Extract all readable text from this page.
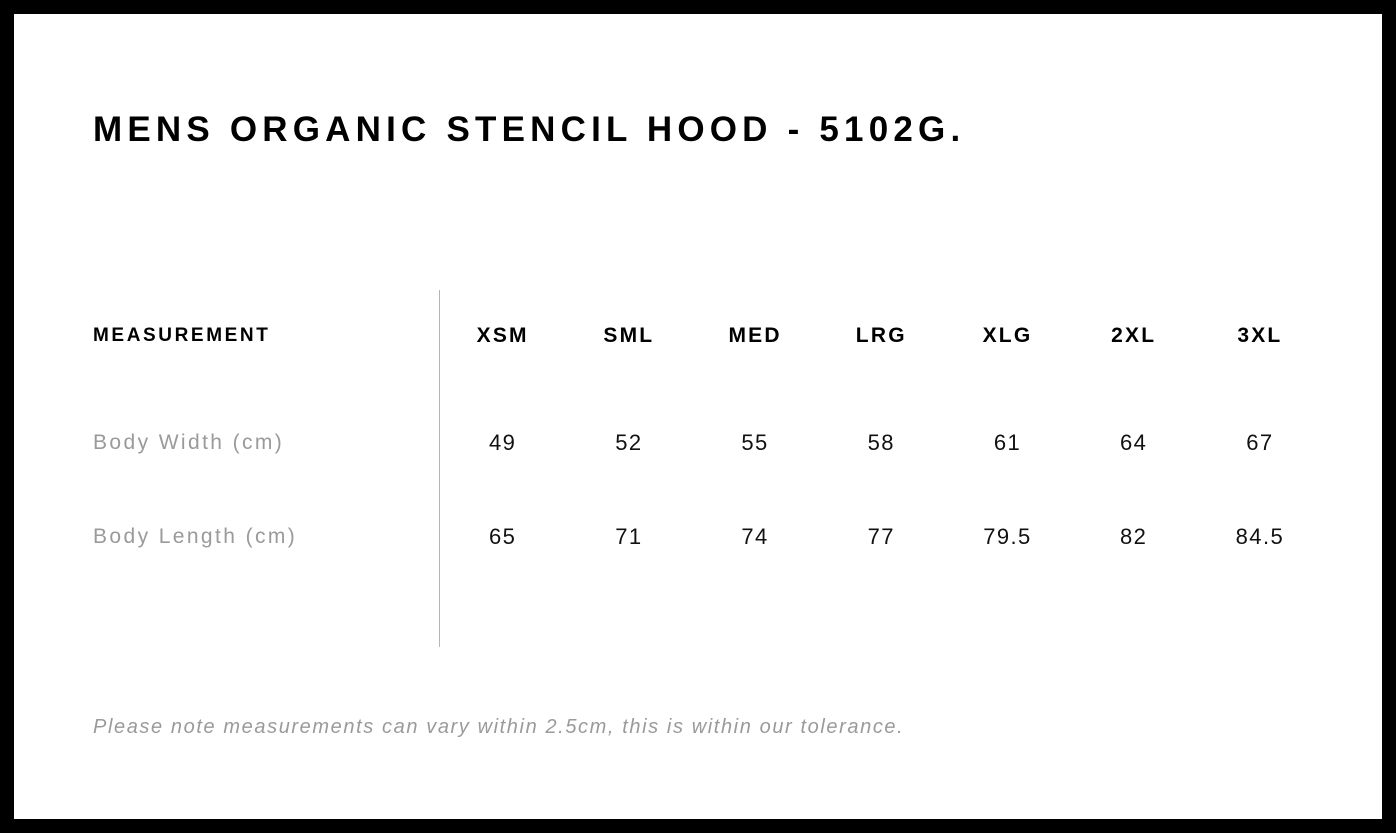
MENS ORGANIC STENCIL HOOD - 5102G.
MEASUREMENT	XSM	SML	MED	LRG	XLG	2XL	3XL
Body Width (cm)	49	52	55	58	61	64	67
Body Length (cm)	65	71	74	77	79.5	82	84.5
Please note measurements can vary within 2.5cm, this is within our tolerance.
